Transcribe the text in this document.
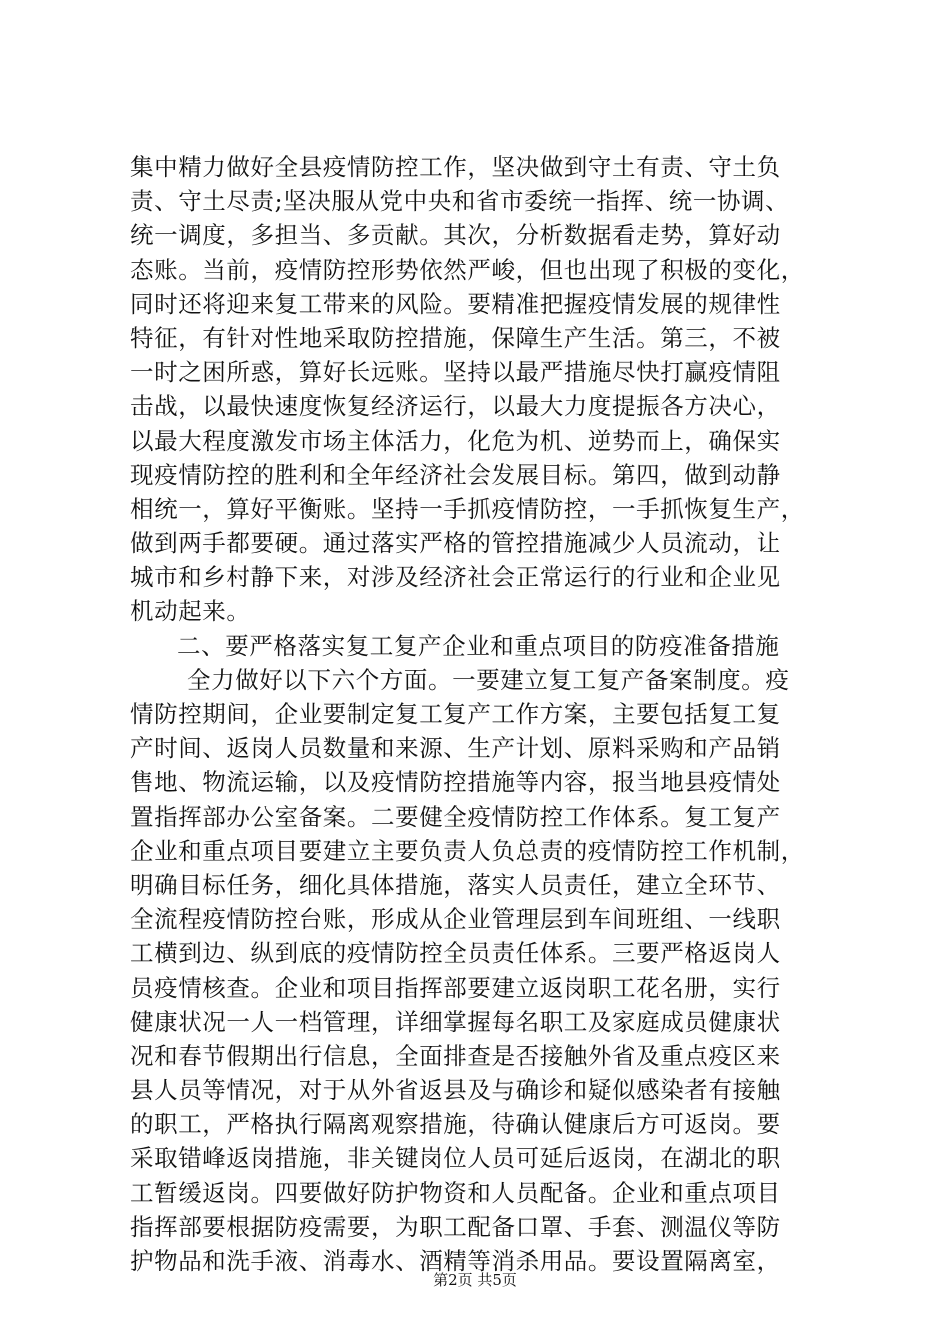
集中精力做好全县疫情防控工作，坚决做到守土有责、守土负
责、守土尽责;坚决服从党中央和省市委统一指挥、统一协调、
统一调度，多担当、多贡献。其次，分析数据看走势，算好动
态账。当前，疫情防控形势依然严峻，但也出现了积极的变化，
同时还将迎来复工带来的风险。要精准把握疫情发展的规律性
特征，有针对性地采取防控措施，保障生产生活。第三，不被
一时之困所惑，算好长远账。坚持以最严措施尽快打赢疫情阻
击战，以最快速度恢复经济运行，以最大力度提振各方决心，
以最大程度激发市场主体活力，化危为机、逆势而上，确保实
现疫情防控的胜利和全年经济社会发展目标。第四，做到动静
相统一，算好平衡账。坚持一手抓疫情防控，一手抓恢复生产，
做到两手都要硬。通过落实严格的管控措施减少人员流动，让
城市和乡村静下来，对涉及经济社会正常运行的行业和企业见
机动起来。
二、要严格落实复工复产企业和重点项目的防疫准备措施
全力做好以下六个方面。一要建立复工复产备案制度。疫
情防控期间，企业要制定复工复产工作方案，主要包括复工复
产时间、返岗人员数量和来源、生产计划、原料采购和产品销
售地、物流运输，以及疫情防控措施等内容，报当地县疫情处
置指挥部办公室备案。二要健全疫情防控工作体系。复工复产
企业和重点项目要建立主要负责人负总责的疫情防控工作机制，
明确目标任务，细化具体措施，落实人员责任，建立全环节、
全流程疫情防控台账，形成从企业管理层到车间班组、一线职
工横到边、纵到底的疫情防控全员责任体系。三要严格返岗人
员疫情核查。企业和项目指挥部要建立返岗职工花名册，实行
健康状况一人一档管理，详细掌握每名职工及家庭成员健康状
况和春节假期出行信息，全面排查是否接触外省及重点疫区来
县人员等情况，对于从外省返县及与确诊和疑似感染者有接触
的职工，严格执行隔离观察措施，待确认健康后方可返岗。要
采取错峰返岗措施，非关键岗位人员可延后返岗，在湖北的职
工暂缓返岗。四要做好防护物资和人员配备。企业和重点项目
指挥部要根据防疫需要，为职工配备口罩、手套、测温仪等防
护物品和洗手液、消毒水、酒精等消杀用品。要设置隔离室，
第2页 共5页
